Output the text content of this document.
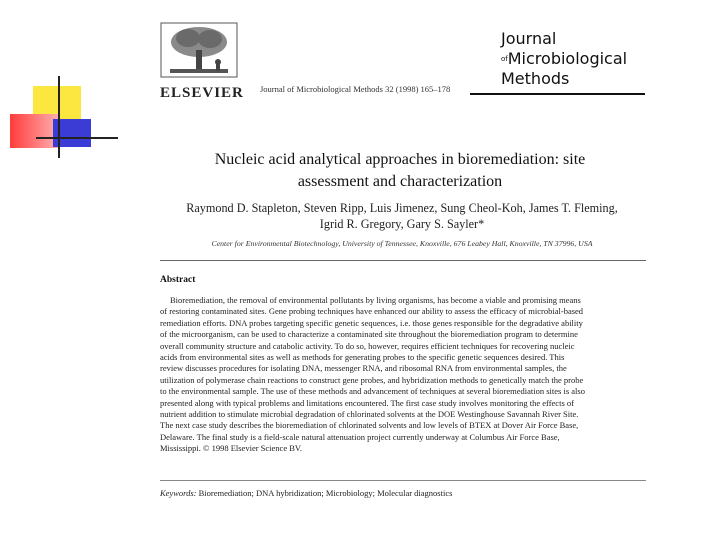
ELSEVIER Journal of Microbiological Methods 32 (1998) 165–178
Journal
$^{of}$Microbiological
Methods
Nucleic acid analytical approaches in bioremediation: site
assessment and characterization
Raymond D. Stapleton, Steven Ripp, Luis Jimenez, Sung Cheol-Koh, James T. Fleming,
Igrid R. Gregory, Gary S. Sayler*
Center for Environmental Biotechnology, University of Tennessee, Knoxville, 676 Leabey Hall, Knoxville, TN 37996, USA
Abstract
Bioremediation, the removal of environmental pollutants by living organisms, has become a viable and promising means
of restoring contaminated sites. Gene probing techniques have enhanced our ability to assess the efficacy of microbial-based
remediation efforts. DNA probes targeting specific genetic sequences, i.e. those genes responsible for the degradative ability
of the microorganism, can be used to characterize a contaminated site throughout the bioremediation program to determine
overall community structure and catabolic activity. To do so, however, requires efficient techniques for recovering nucleic
acids from environmental sites as well as methods for generating probes to the specific genetic sequences desired. This
review discusses procedures for isolating DNA, messenger RNA, and ribosomal RNA from environmental samples, the
utilization of polymerase chain reactions to construct gene probes, and hybridization methods to genetically match the probe
to the environmental sample. The use of these methods and advancement of techniques at several bioremediation sites is also
presented along with typical problems and limitations encountered. The first case study involves monitoring the effects of
nutrient addition to stimulate microbial degradation of chlorinated solvents at the DOE Westinghouse Savannah River Site.
The next case study describes the bioremediation of chlorinated solvents and low levels of BTEX at Dover Air Force Base,
Delaware. The final study is a field-scale natural attenuation project currently underway at Columbus Air Force Base,
Mississippi. © 1998 Elsevier Science BV.
Keywords: Bioremediation; DNA hybridization; Microbiology; Molecular diagnostics
